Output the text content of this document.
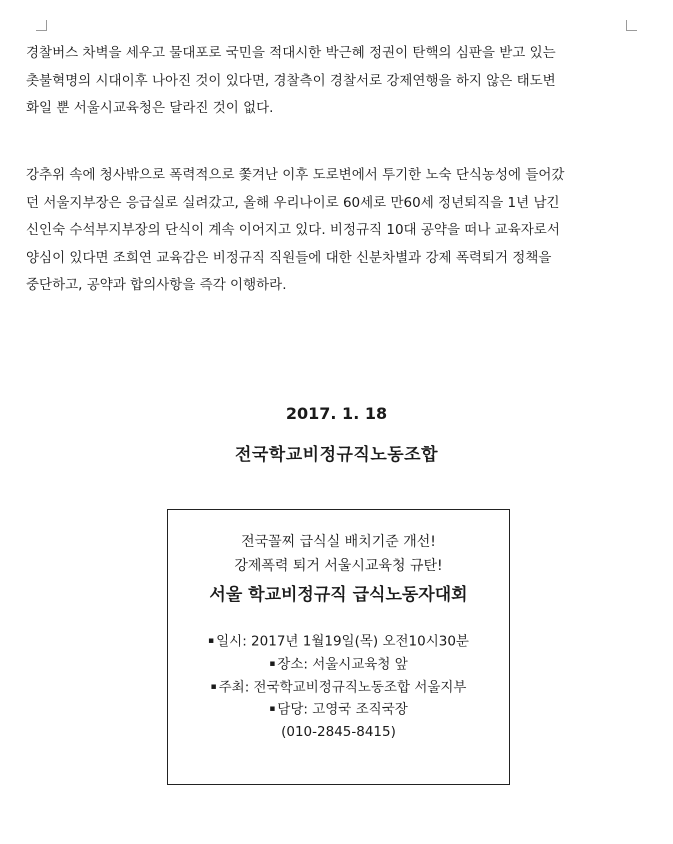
경찰버스 차벽을 세우고 물대포로 국민을 적대시한 박근혜 정권이 탄핵의 심판을 받고 있는
촛불혁명의 시대이후 나아진 것이 있다면, 경찰측이 경찰서로 강제연행을 하지 않은 태도변
화일 뿐 서울시교육청은 달라진 것이 없다.
강추위 속에 청사밖으로 폭력적으로 쫓겨난 이후 도로변에서 투기한 노숙 단식농성에 들어갔
던 서울지부장은 응급실로 실려갔고, 올해 우리나이로 60세로 만60세 정년퇴직을 1년 남긴
신인숙 수석부지부장의 단식이 계속 이어지고 있다. 비정규직 10대 공약을 떠나 교육자로서
양심이 있다면 조희연 교육감은 비정규직 직원들에 대한 신분차별과 강제 폭력퇴거 정책을
중단하고, 공약과 합의사항을 즉각 이행하라.
2017. 1. 18
전국학교비정규직노동조합
전국꼴찌 급식실 배치기준 개선!
강제폭력 퇴거 서울시교육청 규탄!
서울 학교비정규직 급식노동자대회
▪ 일시: 2017년 1월19일(목) 오전10시30분
▪ 장소: 서울시교육청 앞
▪ 주최: 전국학교비정규직노동조합 서울지부
▪ 담당: 고영국 조직국장
(010-2845-8415)
